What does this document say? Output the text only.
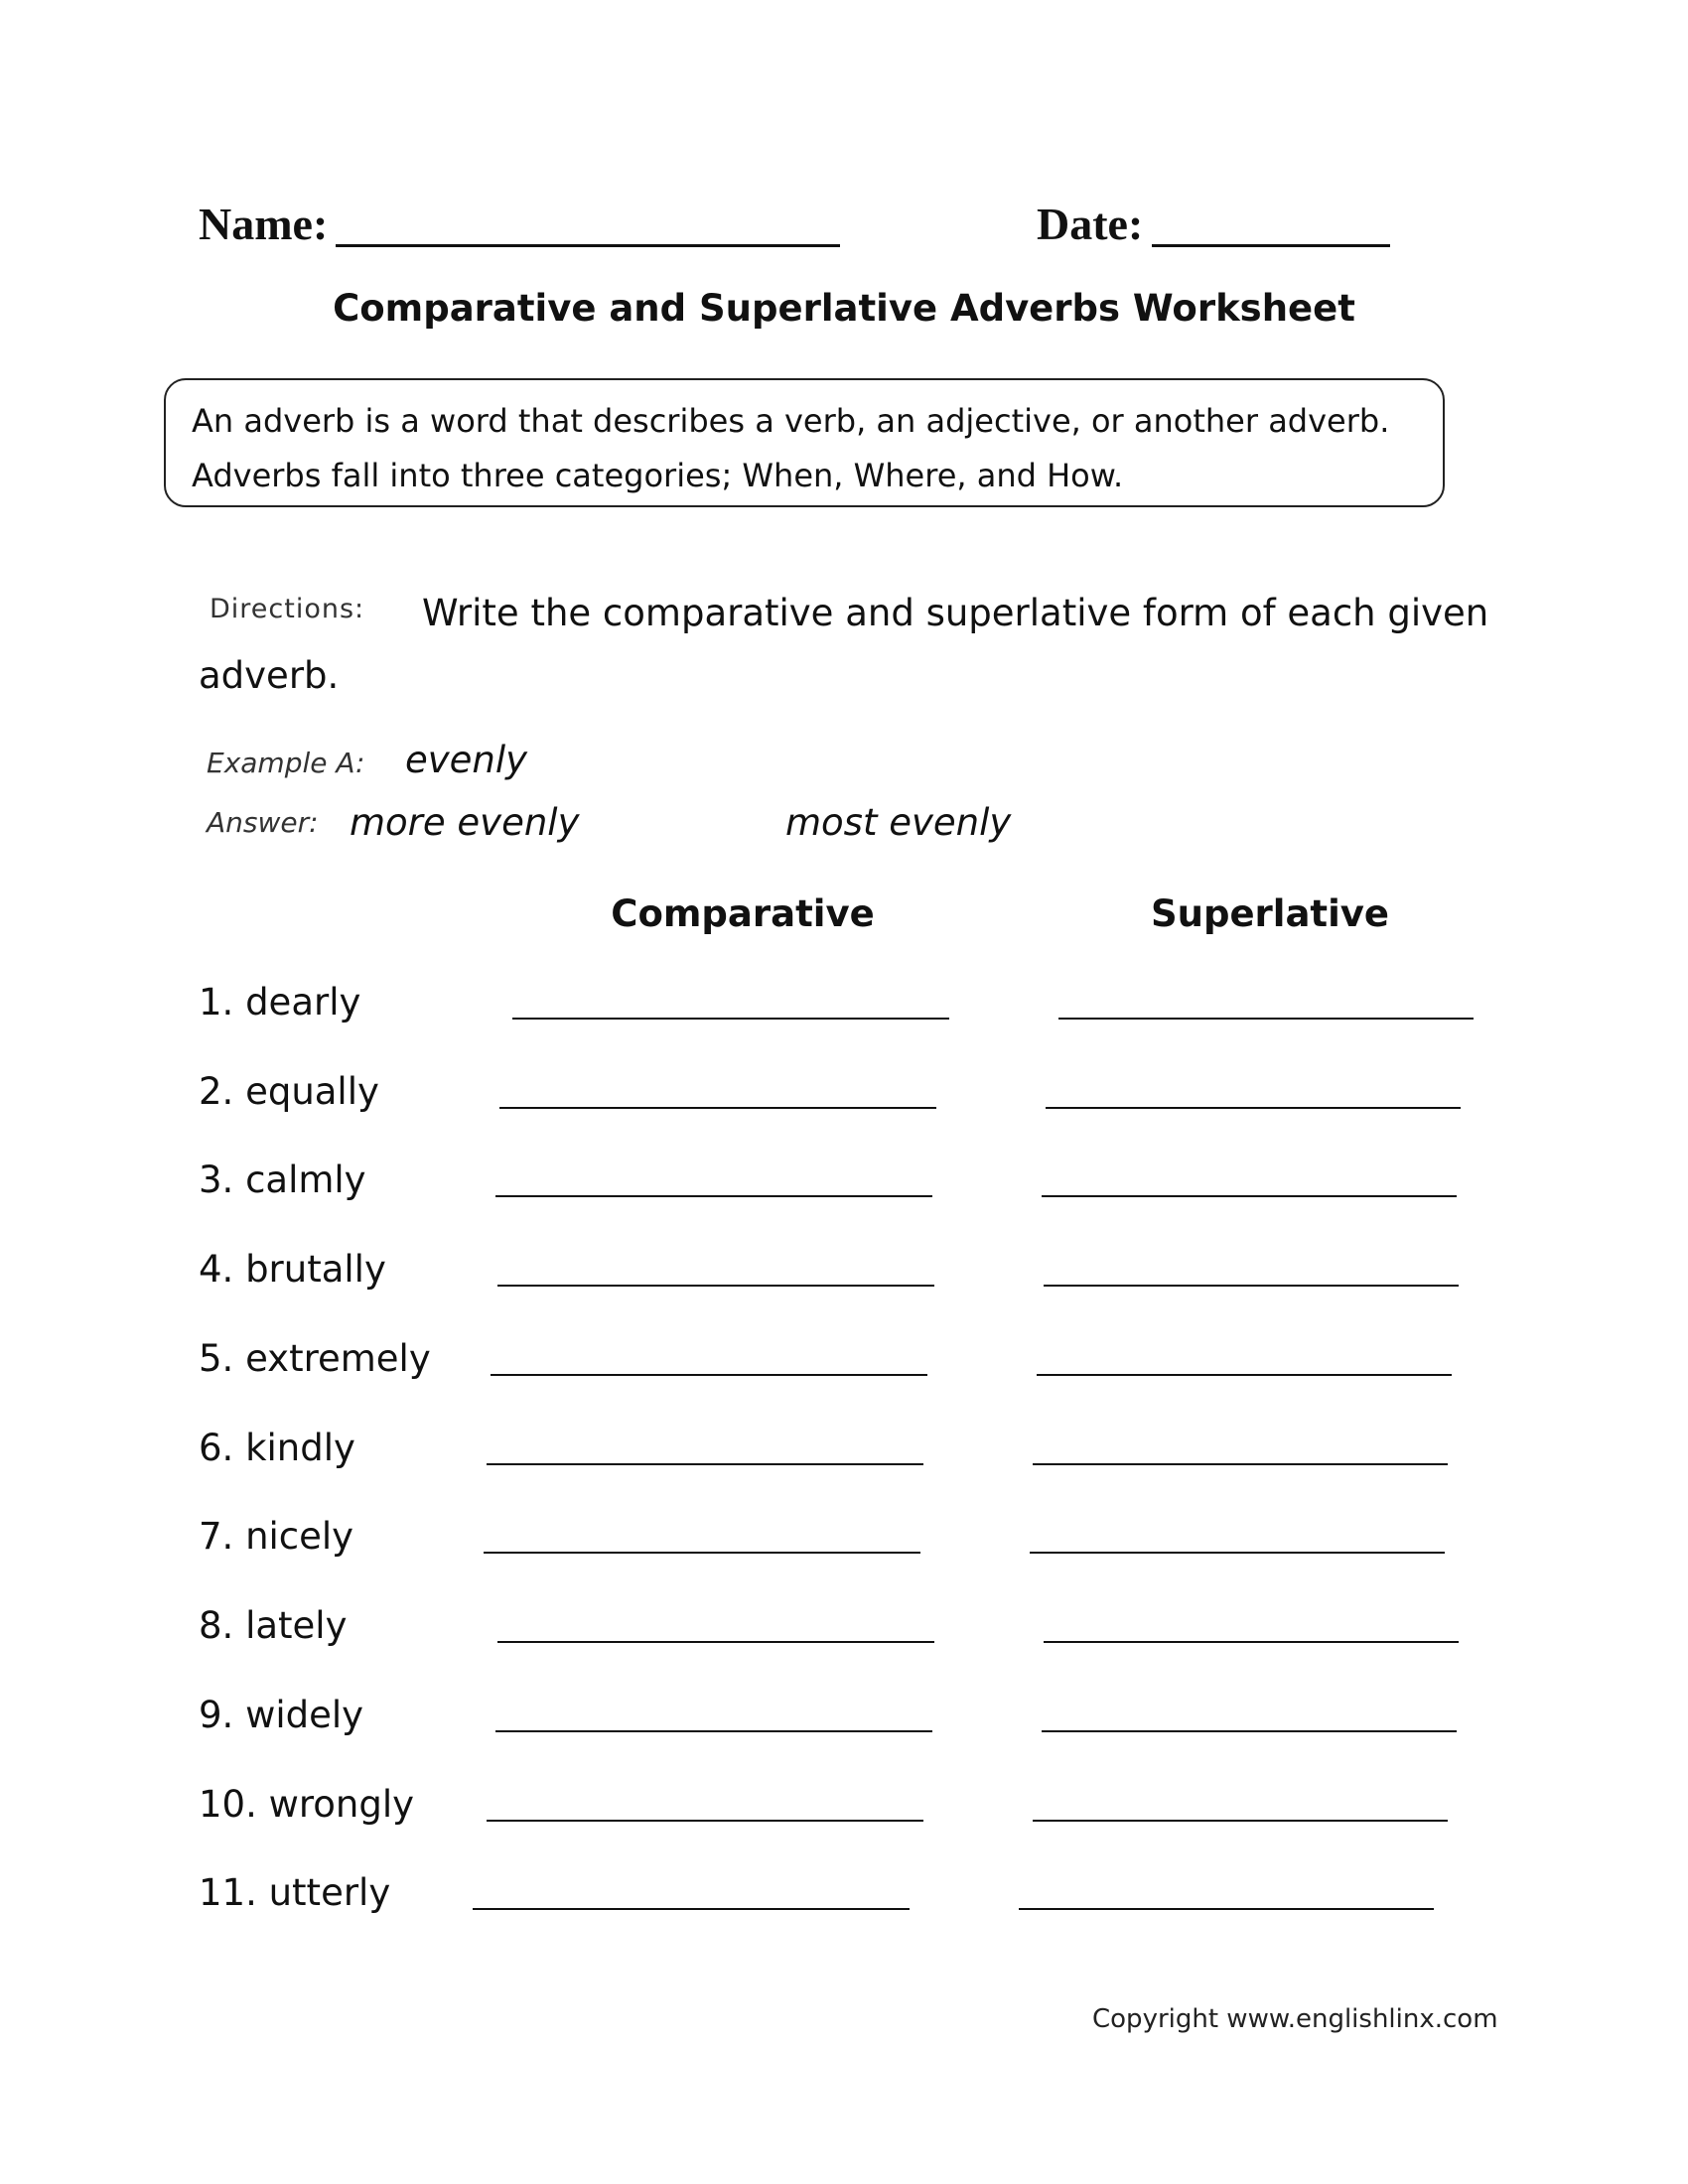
Name:	Date:
Comparative and Superlative Adverbs Worksheet
An adverb is a word that describes a verb, an adjective, or another adverb.
Adverbs fall into three categories; When, Where, and How.
Directions: Write the comparative and superlative form of each given
adverb.
Example A: evenly
Answer: more evenly	most evenly
Comparative	Superlative
1. dearly
2. equally
3. calmly
4. brutally
5. extremely
6. kindly
7. nicely
8. lately
9. widely
10. wrongly
11. utterly
Copyright www.englishlinx.com
